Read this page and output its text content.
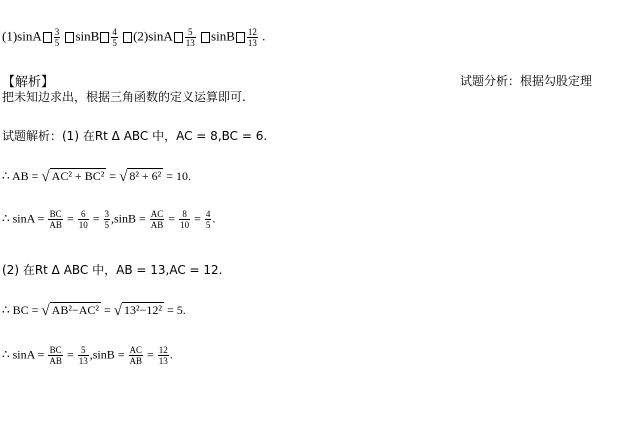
$(1)\sin A \frac{3}{5}$ sinB $\frac{4}{5} (2)\sin A \frac{5}{13}$ sinB $\frac{12}{13}$ .
【解析】	试题分析：根据勾股定理
把未知边求出，根据三角函数的定义运算即可.
试题解析：(1) 在Rt Δ ABC 中，AC = 8,BC = 6.
∴ AB = √ AC² + BC² = √ 8² + 6² = 10.
∴ $\sin A = \frac{BC}{AB} = \frac{6}{10} = \frac{3}{5} ,\sin B = \frac{AC}{AB} = \frac{8}{10} = \frac{4}{5}$ .
(2) 在Rt Δ ABC 中，AB = 13,AC = 12.
∴ BC = √ AB²−AC² = √ 13²−12² = 5.
∴ $\sin A = \frac{BC}{AB} = \frac{5}{13} ,\sin B = \frac{AC}{AB} = \frac{12}{13}$ .
